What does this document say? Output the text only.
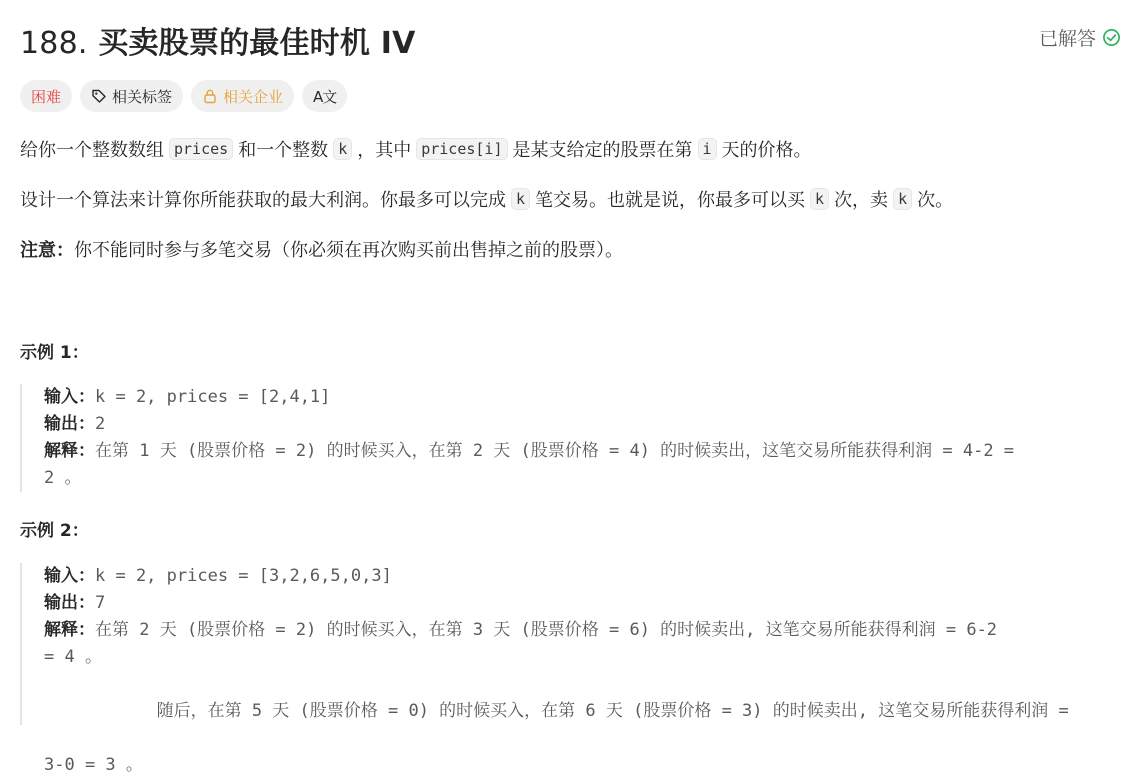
188. 买卖股票的最佳时机 IV	已解答
困难	相关标签	相关企业 A文
给你一个整数数组 prices 和一个整数 k ，其中 prices[i] 是某支给定的股票在第 i 天的价格。
设计一个算法来计算你所能获取的最大利润。你最多可以完成 k 笔交易。也就是说，你最多可以买 k 次，卖 k 次。
注意： 你不能同时参与多笔交易（你必须在再次购买前出售掉之前的股票）。
示例 1：
输入：k = 2, prices = [2,4,1]
输出：2
解释：在第 1 天 (股票价格 = 2) 的时候买入，在第 2 天 (股票价格 = 4) 的时候卖出，这笔交易所能获得利润 = 4-2 =
2 。
示例 2：
输入：k = 2, prices = [3,2,6,5,0,3]
输出：7
解释：在第 2 天 (股票价格 = 2) 的时候买入，在第 3 天 (股票价格 = 6) 的时候卖出, 这笔交易所能获得利润 = 6-2
= 4 。

随后，在第 5 天 (股票价格 = 0) 的时候买入，在第 6 天 (股票价格 = 3) 的时候卖出, 这笔交易所能获得利润 =

3-0 = 3 。
